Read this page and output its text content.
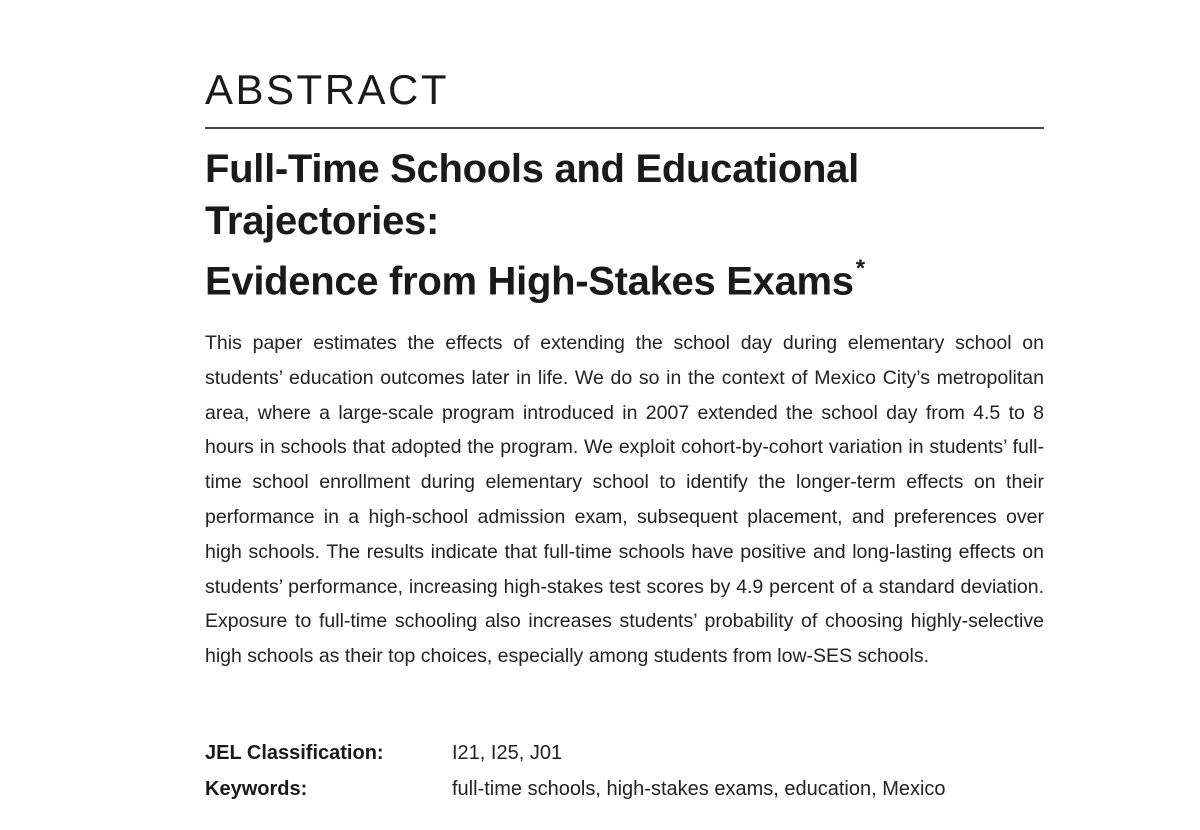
ABSTRACT
Full-Time Schools and Educational
Trajectories:
Evidence from High-Stakes Exams*

This paper estimates the effects of extending the school day during elementary school on students’ education outcomes later in life. We do so in the context of Mexico City’s metropolitan area, where a large-scale program introduced in 2007 extended the school day from 4.5 to 8 hours in schools that adopted the program. We exploit cohort-by-cohort variation in students’ full-time school enrollment during elementary school to identify the longer-term effects on their performance in a high-school admission exam, subsequent placement, and preferences over high schools. The results indicate that full-time schools have positive and long-lasting effects on students’ performance, increasing high-stakes test scores by 4.9 percent of a standard deviation. Exposure to full-time schooling also increases students’ probability of choosing highly-selective high schools as their top choices, especially among students from low-SES schools.

JEL Classification:	I21, I25, J01
Keywords:	full-time schools, high-stakes exams, education, Mexico
